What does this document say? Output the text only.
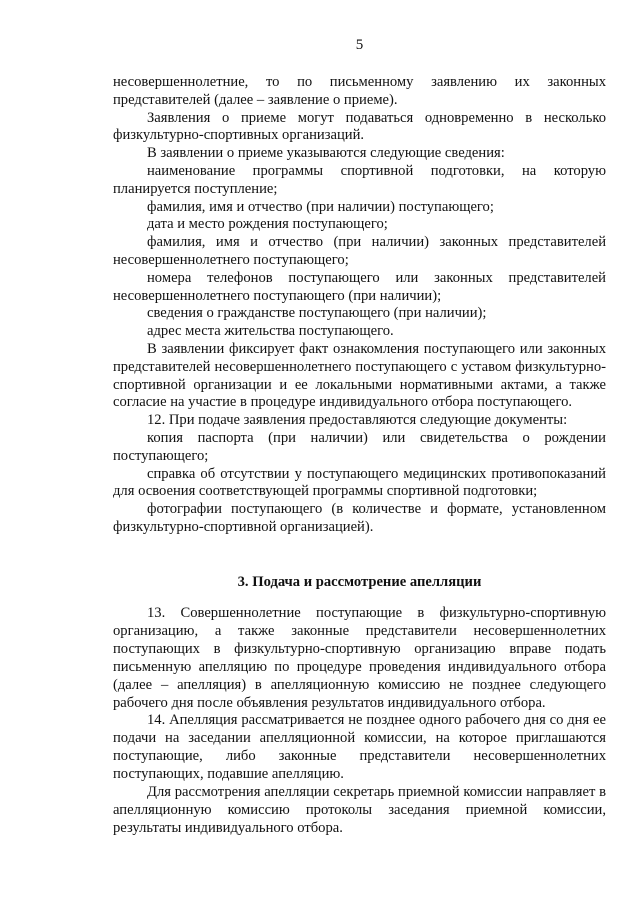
5

несовершеннолетние, то по письменному заявлению их законных представителей (далее – заявление о приеме).

Заявления о приеме могут подаваться одновременно в несколько физкультурно-спортивных организаций.

В заявлении о приеме указываются следующие сведения:

наименование программы спортивной подготовки, на которую планируется поступление;

фамилия, имя и отчество (при наличии) поступающего;

дата и место рождения поступающего;

фамилия, имя и отчество (при наличии) законных представителей несовершеннолетнего поступающего;

номера телефонов поступающего или законных представителей несовершеннолетнего поступающего (при наличии);

сведения о гражданстве поступающего (при наличии);

адрес места жительства поступающего.

В заявлении фиксирует факт ознакомления поступающего или законных представителей несовершеннолетнего поступающего с уставом физкультурно-спортивной организации и ее локальными нормативными актами, а также согласие на участие в процедуре индивидуального отбора поступающего.

12. При подаче заявления предоставляются следующие документы:

копия паспорта (при наличии) или свидетельства о рождении поступающего;

справка об отсутствии у поступающего медицинских противопоказаний для освоения соответствующей программы спортивной подготовки;

фотографии поступающего (в количестве и формате, установленном физкультурно-спортивной организацией).

3. Подача и рассмотрение апелляции

13. Совершеннолетние поступающие в физкультурно-спортивную организацию, а также законные представители несовершеннолетних поступающих в физкультурно-спортивную организацию вправе подать письменную апелляцию по процедуре проведения индивидуального отбора (далее – апелляция) в апелляционную комиссию не позднее следующего рабочего дня после объявления результатов индивидуального отбора.

14. Апелляция рассматривается не позднее одного рабочего дня со дня ее подачи на заседании апелляционной комиссии, на которое приглашаются поступающие, либо законные представители несовершеннолетних поступающих, подавшие апелляцию.

Для рассмотрения апелляции секретарь приемной комиссии направляет в апелляционную комиссию протоколы заседания приемной комиссии, результаты индивидуального отбора.
